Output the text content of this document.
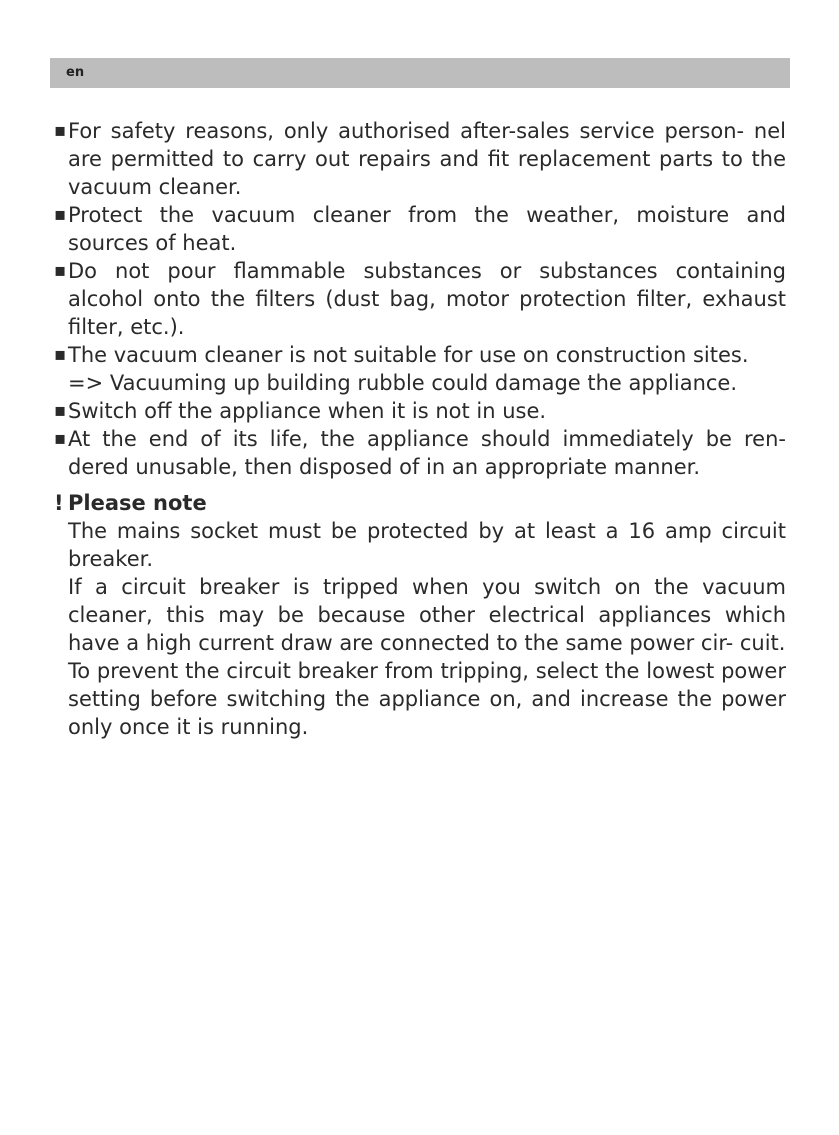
en

▪ For safety reasons, only authorised after-sales service person- nel are permitted to carry out repairs and fit replacement parts to the vacuum cleaner.

▪ Protect the vacuum cleaner from the weather, moisture and sources of heat.

▪ Do not pour flammable substances or substances containing alcohol onto the filters (dust bag, motor protection filter, exhaust filter, etc.).

▪ The vacuum cleaner is not suitable for use on construction sites.

=> Vacuuming up building rubble could damage the appliance.

▪ Switch off the appliance when it is not in use.

▪ At the end of its life, the appliance should immediately be ren- dered unusable, then disposed of in an appropriate manner.

! Please note

The mains socket must be protected by at least a 16 amp circuit breaker.

If a circuit breaker is tripped when you switch on the vacuum cleaner, this may be because other electrical appliances which have a high current draw are connected to the same power cir- cuit.

To prevent the circuit breaker from tripping, select the lowest power setting before switching the appliance on, and increase the power only once it is running.
